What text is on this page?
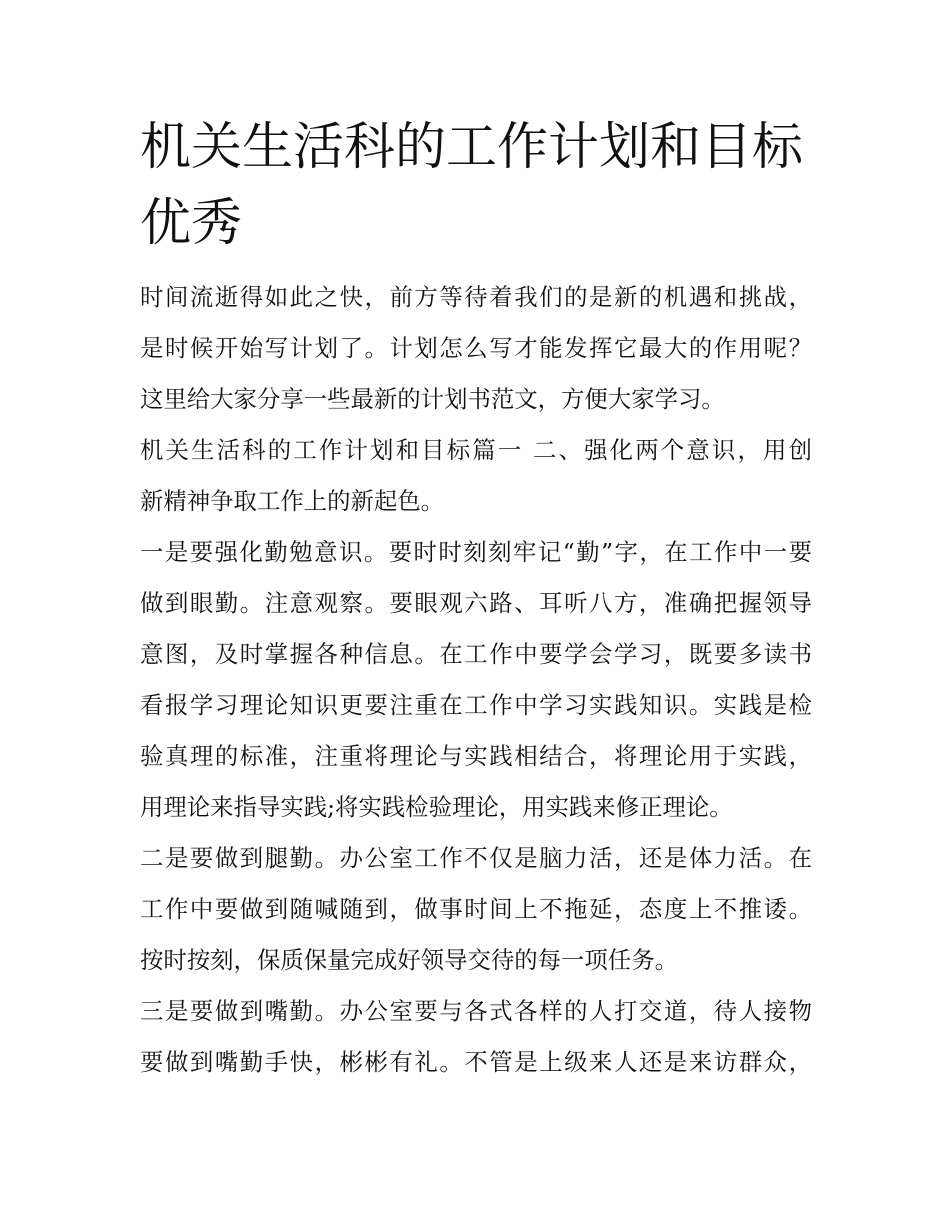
机关生活科的工作计划和目标
优秀
时间流逝得如此之快，前方等待着我们的是新的机遇和挑战，
是时候开始写计划了。计划怎么写才能发挥它最大的作用呢？
这里给大家分享一些最新的计划书范文，方便大家学习。
机关生活科的工作计划和目标篇一 二、强化两个意识，用创
新精神争取工作上的新起色。
一是要强化勤勉意识。要时时刻刻牢记“勤”字，在工作中一要
做到眼勤。注意观察。要眼观六路、耳听八方，准确把握领导
意图，及时掌握各种信息。在工作中要学会学习，既要多读书
看报学习理论知识更要注重在工作中学习实践知识。实践是检
验真理的标准，注重将理论与实践相结合，将理论用于实践，
用理论来指导实践;将实践检验理论，用实践来修正理论。
二是要做到腿勤。办公室工作不仅是脑力活，还是体力活。在
工作中要做到随喊随到，做事时间上不拖延，态度上不推诿。
按时按刻，保质保量完成好领导交待的每一项任务。
三是要做到嘴勤。办公室要与各式各样的人打交道，待人接物
要做到嘴勤手快，彬彬有礼。不管是上级来人还是来访群众，
